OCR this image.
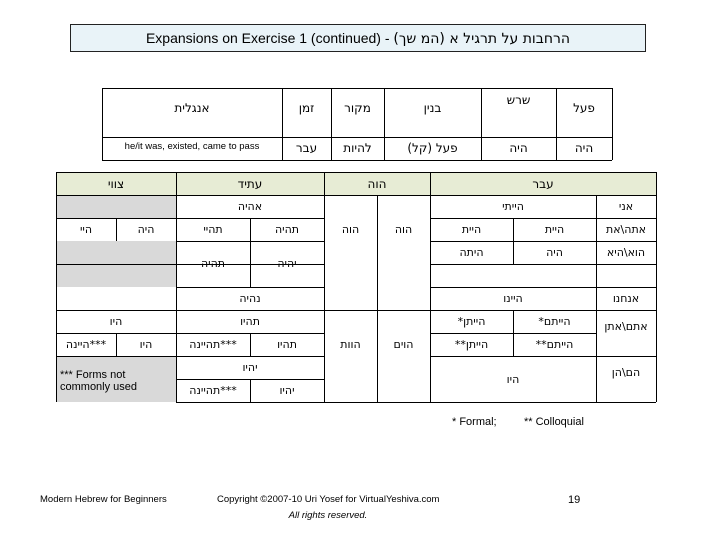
Expansions on Exercise 1 (continued) - הרחבות על תרגיל א (המ שך)
פעל
שרש
בנין
מקור
זמן
אנגלית
היה
היה
פעל (קל)
להיות
עבר
he/it was, existed, came to pass
עבר
הוה
עתיד
צווי
אני
אתה\את
הוא\היא
אנחנו
אתם\אתן
הם\הן
הייתי
היית
היית
היה
היתה
היינו
הייתם*
הייתן*
הייתם**
הייתן**
היו
הוה
הוה
הוים
הוות
אהיה
תהיה
תהיי
יהיה
תהיה
נהיה
תהיו
תהיו
***תהיינה
יהיו
יהיו
***תהיינה
היה
היי
היו
היו
***היינה
*** Forms not commonly used
* Formal; ** Colloquial
Modern Hebrew for Beginners	Copyright ©2007-10 Uri Yosef for VirtualYeshiva.com
All rights reserved.
19
